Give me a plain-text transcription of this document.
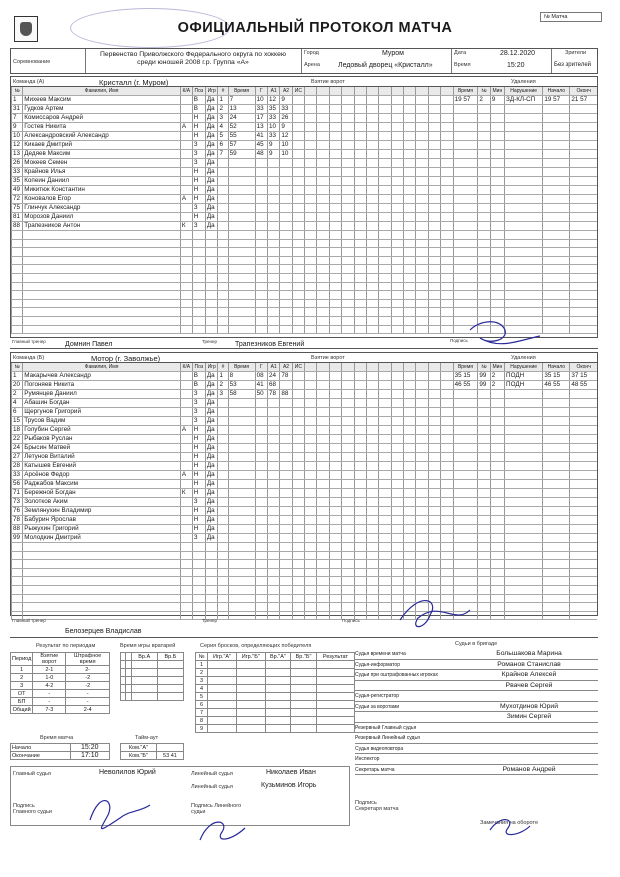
ОФИЦИАЛЬНЫЙ ПРОТОКОЛ МАТЧА
№ Матча
Соревнование
Первенство Приволжского Федерального округа по хоккею среди юношей 2008 г.р. Группа «А»
Город	Муром
Арена	Ледовый дворец «Кристалл»
Дата	28.12.2020
Время	15:20
Зрители
Без зрителей
Команда (А)	Кристалл (г. Муром)	Взятие ворот	Удаления
№	Фамилия, Имя	К/А	Поз	Игр	#	Время	Г	А1	А2	ИС													Время	№	Мин	Нарушение	Начало	Оконч
1	Михеев Максим		В	Да	1	7	10	12	9														19 57	2	9	ЗД-КЛ-СП	19 57	21 57
31	Гудков Артем		В	Да	2	13	33	35	33																			
7	Комиссаров Андрей		Н	Да	3	24	17	33	26																			
9	Гостев Никита	А	Н	Да	4	52	13	10	9																			
10	Александровский Александр		Н	Да	5	55	41	33	12																			
12	Кикаев Дмитрий		З	Да	6	57	45	9	10																			
13	Дедяев Максим		З	Да	7	59	48	9	10																			
26	Мокеев Семен		З	Да																								
33	Крайнов Илья		Н	Да																								
35	Копеин Даниил		Н	Да																								
49	Микитюк Константин		Н	Да																								
72	Коновалов Егор	А	Н	Да																								
75	Глинчук Александр		З	Да																								
81	Морозов Даниил		Н	Да																								
88	Трапезников Антон	К	З	Да																								

Главный тренер	Домнин Павел	Тренер	Трапезников Евгений
Подпись
Команда (Б)	Мотор (г. Заволжье)	Взятие ворот	Удаления
№	Фамилия, Имя	К/А	Поз	Игр	#	Время	Г	А1	А2	ИС													Время	№	Мин	Нарушение	Начало	Оконч
1	Макарычев Александр		В	Да	1	8	08	24	78														35 15	99	2	ПОДН	35 15	37 15
20	Погоняев Никита		В	Да	2	53	41	68															46 55	99	2	ПОДН	46 55	48 55
2	Румянцев Даниил		З	Да	3	58	50	78	88																			
4	Абашин Богдан		З	Да																								
6	Щергунов Григорий		З	Да																								
15	Трусов Вадим		З	Да																								
18	Голубин Сергей	А	Н	Да																								
22	Рыбаков Руслан		Н	Да																								
24	Брысин Матвей		Н	Да																								
27	Летунов Виталий		Н	Да																								
28	Катышев Евгений		Н	Да																								
33	Арсёнов Федор	А	Н	Да																								
56	Раджабов Максим		Н	Да																								
71	Бережной Богдан	К	Н	Да																								
73	Золотков Аким		З	Да																								
76	Землянухин Владимир		Н	Да																								
78	Бабурин Ярослав		Н	Да																								
88	Рыжухин Григорий		Н	Да																								
99	Молодкин Дмитрий		З	Да																								

Главный тренер
Белозерцев Владислав
Тренер	Подпись
Результат по периодам
Период	Взятие ворот	Штрафное время
1	2-1	2-
2	1-0	-2
3	4-2	-2
ОТ	-	-
БП	-	-
Общий	7-3	2-4
Время игры вратарей
		Вр.А	Вр.Б

Серия бросков, определяющих победителя
№	Игр."А"	Игр."Б"	Вр."А"	Вр."Б"	Результат
1					
2					
3					
4					
5					
6					
7					
8					
9					
Время матча
Начало	15:20
Окончание	17:10
Тайм-аут
Ком."А"	
Ком."Б"	53 41
Главный судья	Неволилов Юрий	Линейный судья	Николаев Иван
Линейный судья	Кузьминов Игорь
Подпись Главного судьи
Подпись Линейного судьи
Судьи в бригаде
Судья времени матча	Большакова Марина
Судья-информатор	Романов Станислав
Судьи при оштрафованных игроках	Крайнов Алексей
Рвачев Сергей
Судья-регистратор
Судьи за воротами	Мухотдинов Юрий
Зимин Сергей
Резервный Главный судья
Резервный Линейный судья
Судья видеоповтора
Инспектор
Секретарь матча	Романов Андрей
Подпись Секретаря матча
Замечания на оборотe
